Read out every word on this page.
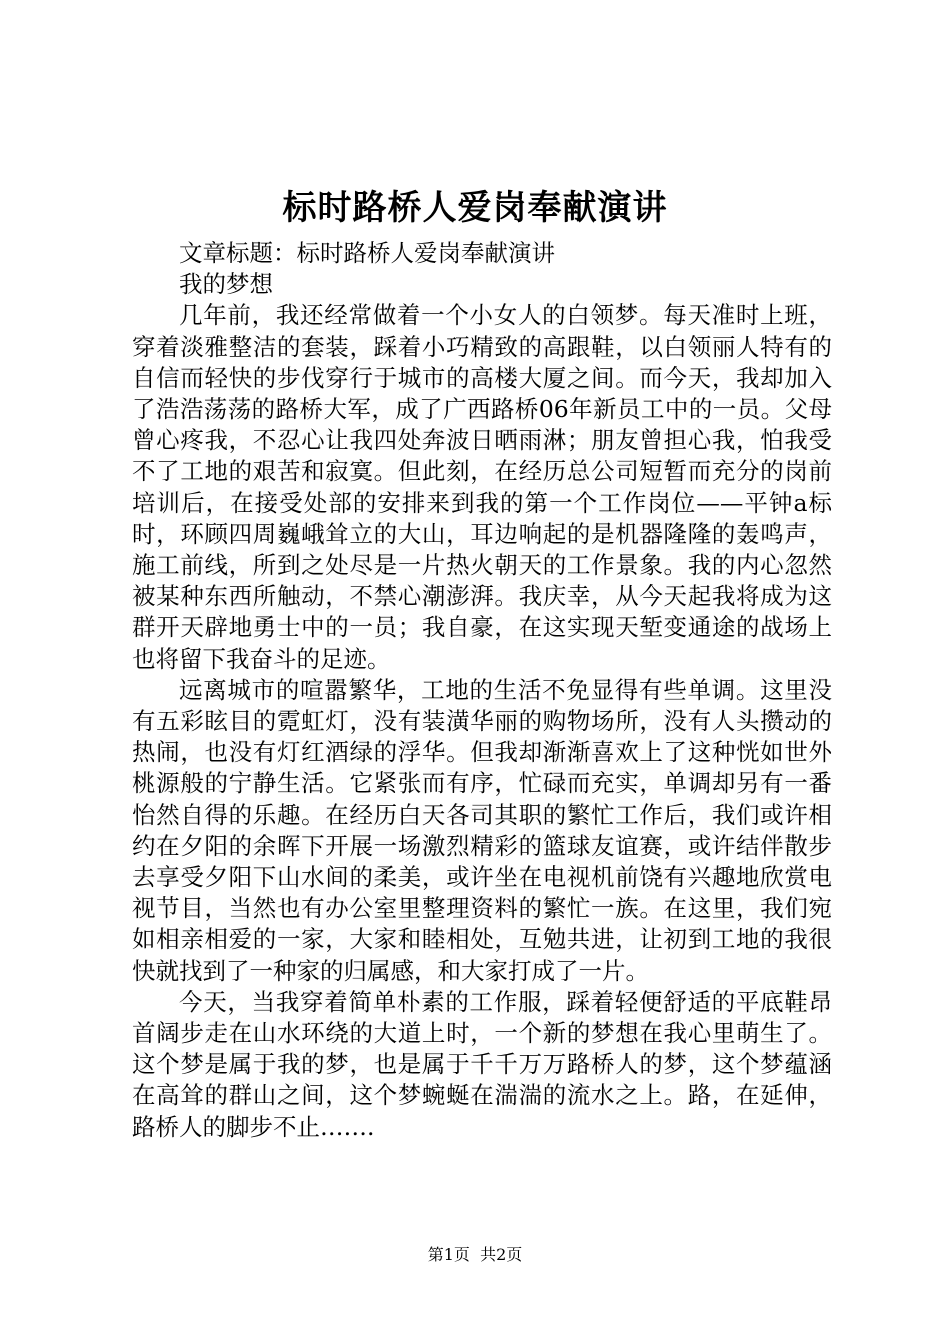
标时路桥人爱岗奉献演讲

文章标题：标时路桥人爱岗奉献演讲

我的梦想

几年前，我还经常做着一个小女人的白领梦。每天准时上班，穿着淡雅整洁的套装，踩着小巧精致的高跟鞋，以白领丽人特有的自信而轻快的步伐穿行于城市的高楼大厦之间。而今天，我却加入了浩浩荡荡的路桥大军，成了广西路桥06年新员工中的一员。父母曾心疼我，不忍心让我四处奔波日晒雨淋；朋友曾担心我，怕我受不了工地的艰苦和寂寞。但此刻，在经历总公司短暂而充分的岗前培训后，在接受处部的安排来到我的第一个工作岗位——平钟a标时，环顾四周巍峨耸立的大山，耳边响起的是机器隆隆的轰鸣声，施工前线，所到之处尽是一片热火朝天的工作景象。我的内心忽然被某种东西所触动，不禁心潮澎湃。我庆幸，从今天起我将成为这群开天辟地勇士中的一员；我自豪，在这实现天堑变通途的战场上也将留下我奋斗的足迹。

远离城市的喧嚣繁华，工地的生活不免显得有些单调。这里没有五彩眩目的霓虹灯，没有装潢华丽的购物场所，没有人头攒动的热闹，也没有灯红酒绿的浮华。但我却渐渐喜欢上了这种恍如世外桃源般的宁静生活。它紧张而有序，忙碌而充实，单调却另有一番怡然自得的乐趣。在经历白天各司其职的繁忙工作后，我们或许相约在夕阳的余晖下开展一场激烈精彩的篮球友谊赛，或许结伴散步去享受夕阳下山水间的柔美，或许坐在电视机前饶有兴趣地欣赏电视节目，当然也有办公室里整理资料的繁忙一族。在这里，我们宛如相亲相爱的一家，大家和睦相处，互勉共进，让初到工地的我很快就找到了一种家的归属感，和大家打成了一片。

今天，当我穿着简单朴素的工作服，踩着轻便舒适的平底鞋昂首阔步走在山水环绕的大道上时，一个新的梦想在我心里萌生了。这个梦是属于我的梦，也是属于千千万万路桥人的梦，这个梦蕴涵在高耸的群山之间，这个梦蜿蜒在湍湍的流水之上。路，在延伸，路桥人的脚步不止…….

第1页 共2页
